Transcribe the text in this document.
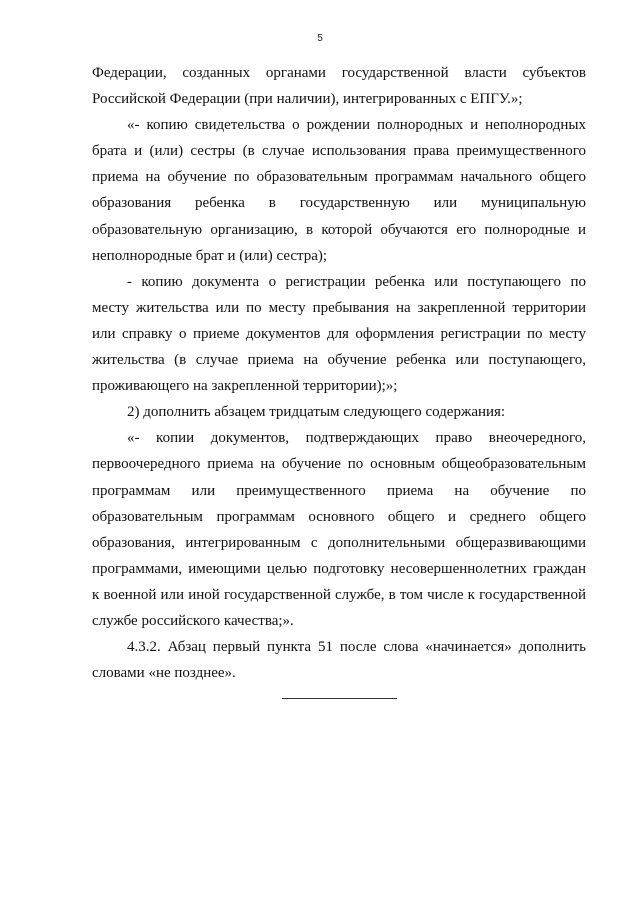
5
Федерации, созданных органами государственной власти субъектов
Российской Федерации (при наличии), интегрированных с ЕПГУ.»;
«- копию свидетельства о рождении полнородных и неполнородных
брата и (или) сестры (в случае использования права преимущественного
приема на обучение по образовательным программам начального общего
образования ребенка в государственную или муниципальную
образовательную организацию, в которой обучаются его полнородные и
неполнородные брат и (или) сестра);
- копию документа о регистрации ребенка или поступающего по
месту жительства или по месту пребывания на закрепленной территории
или справку о приеме документов для оформления регистрации по месту
жительства (в случае приема на обучение ребенка или поступающего,
проживающего на закрепленной территории);»;
2) дополнить абзацем тридцатым следующего содержания:
«- копии документов, подтверждающих право внеочередного,
первоочередного приема на обучение по основным общеобразовательным
программам или преимущественного приема на обучение по
образовательным программам основного общего и среднего общего
образования, интегрированным с дополнительными общеразвивающими
программами, имеющими целью подготовку несовершеннолетних граждан
к военной или иной государственной службе, в том числе к государственной
службе российского качества;».
4.3.2. Абзац первый пункта 51 после слова «начинается» дополнить
словами «не позднее».
